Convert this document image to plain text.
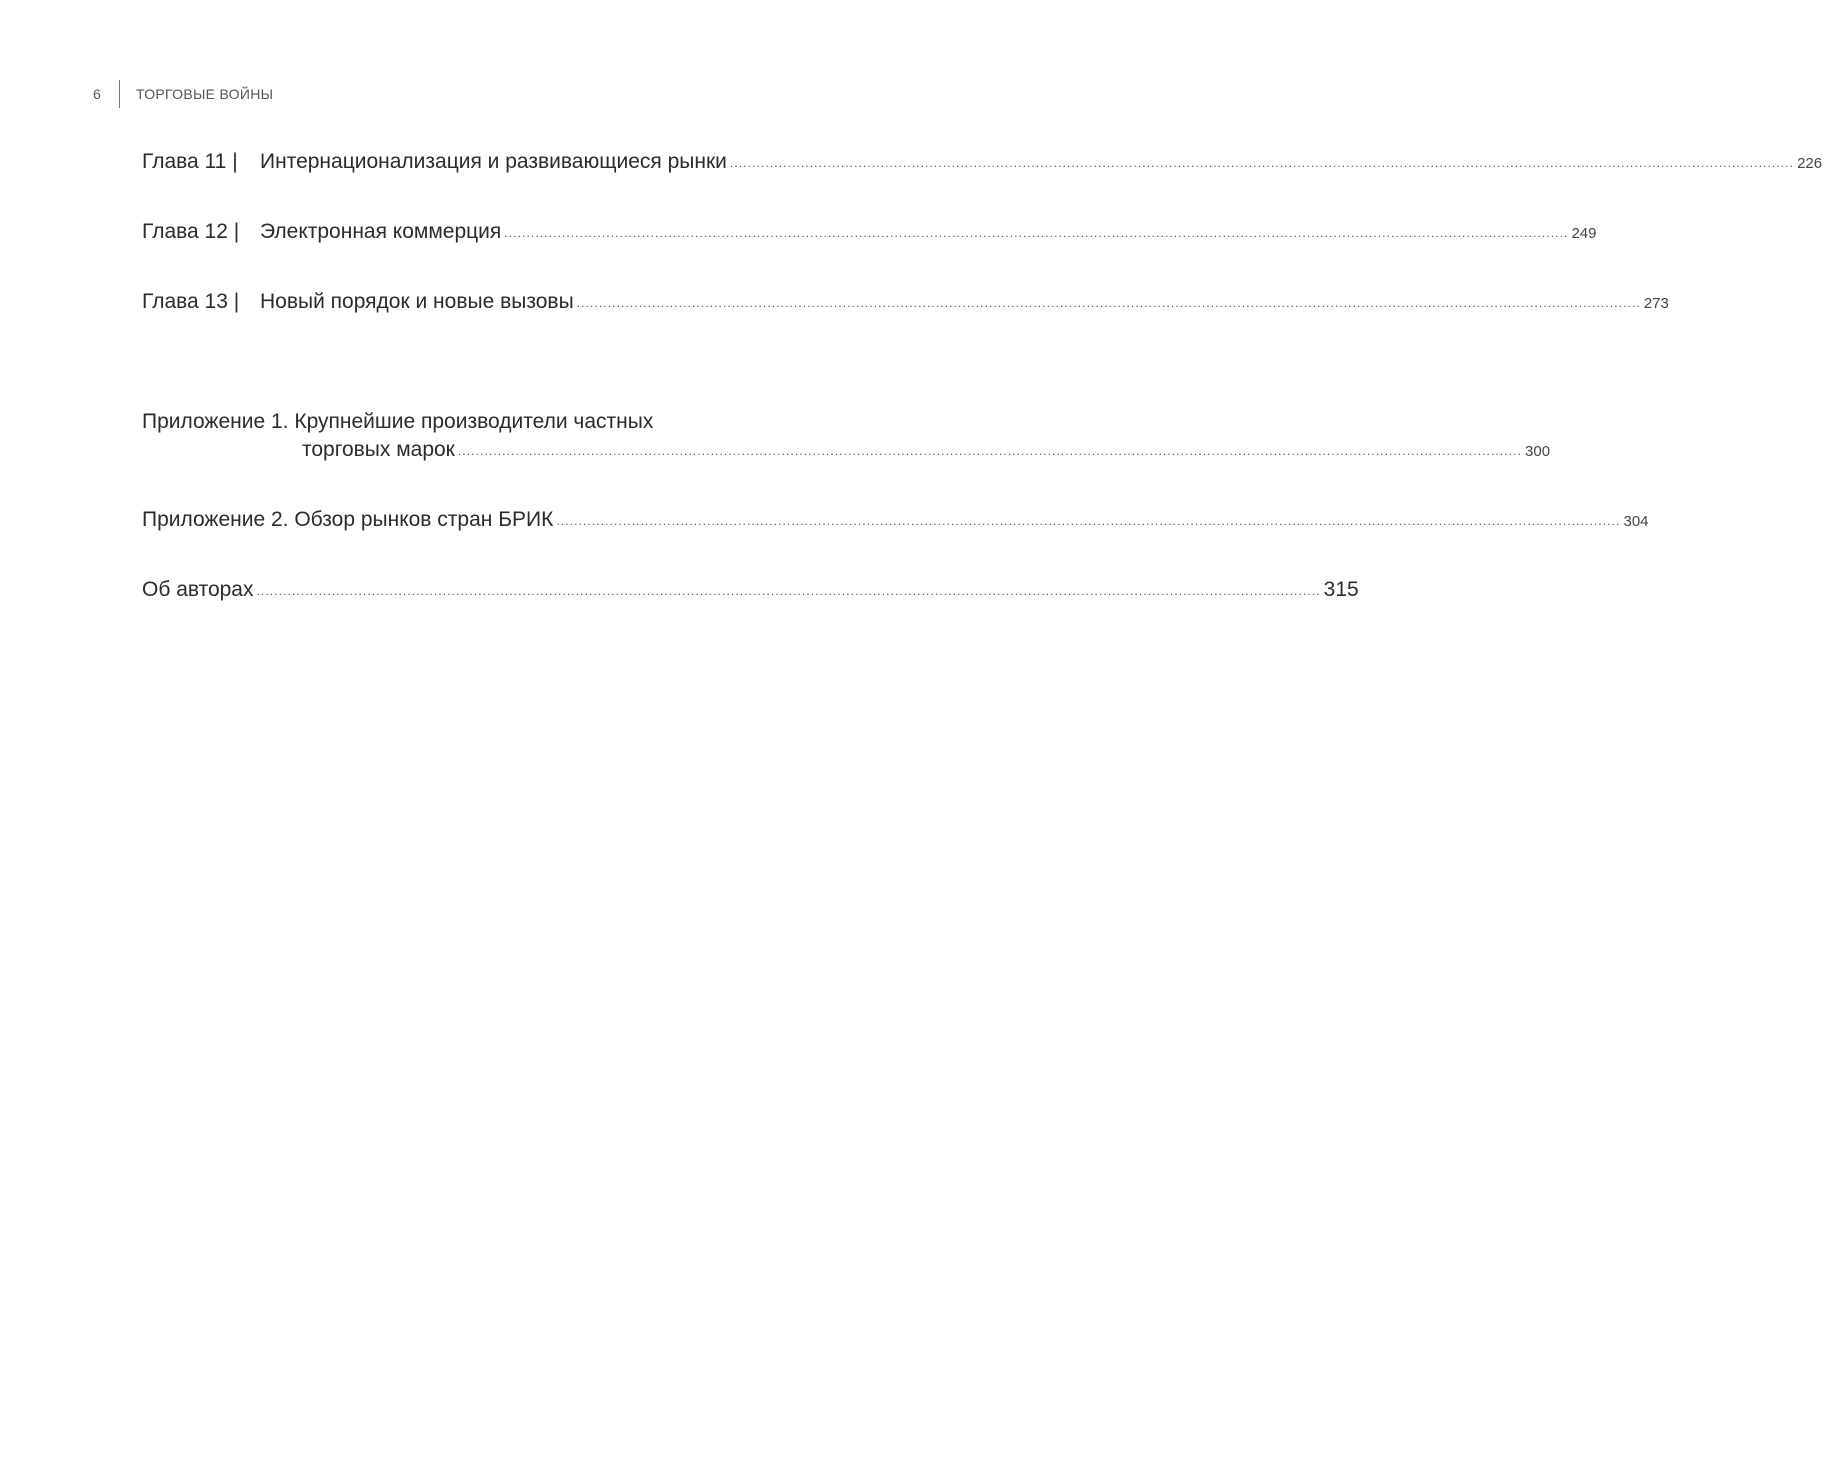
6	ТОРГОВЫЕ ВОЙНЫ
Глава 11 |	Интернационализация и развивающиеся рынки .....	226
Глава 12 | Электронная коммерция .....	249
Глава 13 | Новый порядок и новые вызовы .....	273
Приложение 1. Крупнейшие производители частных
торговых марок .....	300
Приложение 2. Обзор рынков стран БРИК .....	304
Об авторах .....	315
